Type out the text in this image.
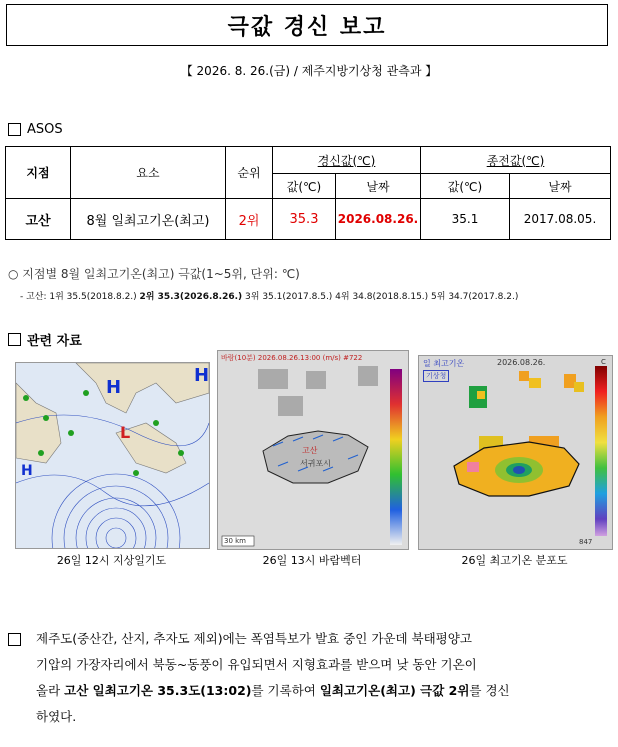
극값 경신 보고
【 2026. 8. 26.(금) / 제주지방기상청 관측과 】
ASOS
지점	요소	순위	경신값(℃)		종전값(℃)	
			값(℃)	날짜	값(℃)	날짜
고산	8월 일최고기온(최고)	2위	35.3	2026.08.26.	35.1	2017.08.05.
○ 지점별 8월 일최고기온(최고) 극값(1~5위, 단위: ℃)
- 고산: 1위 35.5(2018.8.2.) 2위 35.3(2026.8.26.) 3위 35.1(2017.8.5.) 4위 34.8(2018.8.15.) 5위 34.7(2017.8.2.)
관련 자료
H
H
H
L
26일 12시 지상일기도
바람(10분) 2026.08.26.13:00 (m/s) #722
고산
서귀포시
30 km
26일 13시 바람벡터
일 최고기온	2026.08.26.	C
기상청
847
26일 최고기온 분포도
제주도(중산간, 산지, 추자도 제외)에는 폭염특보가 발효 중인 가운데 북태평양고
기압의 가장자리에서 북동~동풍이 유입되면서 지형효과를 받으며 낮 동안 기온이
올라 고산 일최고기온 35.3도(13:02)를 기록하여 일최고기온(최고) 극값 2위를 경신
하였다.
